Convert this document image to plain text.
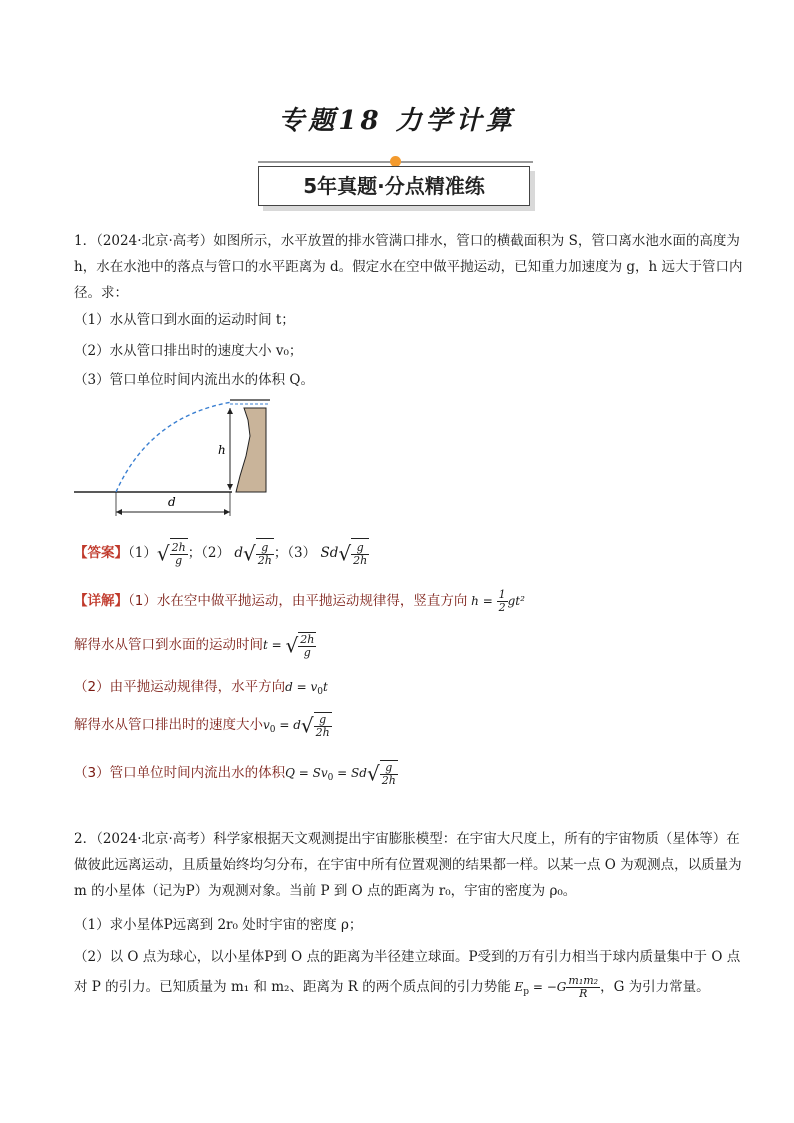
专题18 力学计算
5年真题·分点精准练
1．（2024·北京·高考）如图所示，水平放置的排水管满口排水，管口的横截面积为 S，管口离水池水面的高度为 h，水在水池中的落点与管口的水平距离为 d。假定水在空中做平抛运动，已知重力加速度为 g，h 远大于管口内径。求：
（1）水从管口到水面的运动时间 t；
（2）水从管口排出时的速度大小 v₀；
（3）管口单位时间内流出水的体积 Q。
h
d
【答案】$(1)√ \frac{2h}{g}$ ；（2） $d√ \frac{g}{2h}$ ；（3） $Sd√ \frac{g}{2h}$
【详解】（1）水在空中做平抛运动，由平抛运动规律得，竖直方向 $h = \frac{1}{2} gt^2$
解得水从管口到水面的运动时间t = √ $\frac{2h}{g}$
（2）由平抛运动规律得，水平方向$d = v_0t$
解得水从管口排出时的速度大小$v_0 = d√ \frac{g}{2h}$
（3）管口单位时间内流出水的体积$Q = Sv_0 = Sd√ \frac{g}{2h}$
2．（2024·北京·高考）科学家根据天文观测提出宇宙膨胀模型：在宇宙大尺度上，所有的宇宙物质（星体等）在做彼此远离运动，且质量始终均匀分布，在宇宙中所有位置观测的结果都一样。以某一点 O 为观测点，以质量为 m 的小星体（记为P）为观测对象。当前 P 到 O 点的距离为 r₀，宇宙的密度为 ρ₀。
（1）求小星体P远离到 2r₀ 处时宇宙的密度 ρ；
（2）以 O 点为球心，以小星体P到 O 点的距离为半径建立球面。P受到的万有引力相当于球内质量集中于 O 点对 P 的引力。已知质量为 m₁ 和 m₂、距离为 R 的两个质点间的引力势能 $E_p = -G \frac{\text{m₁m₂}}{R}$ ，G 为引力常量。
